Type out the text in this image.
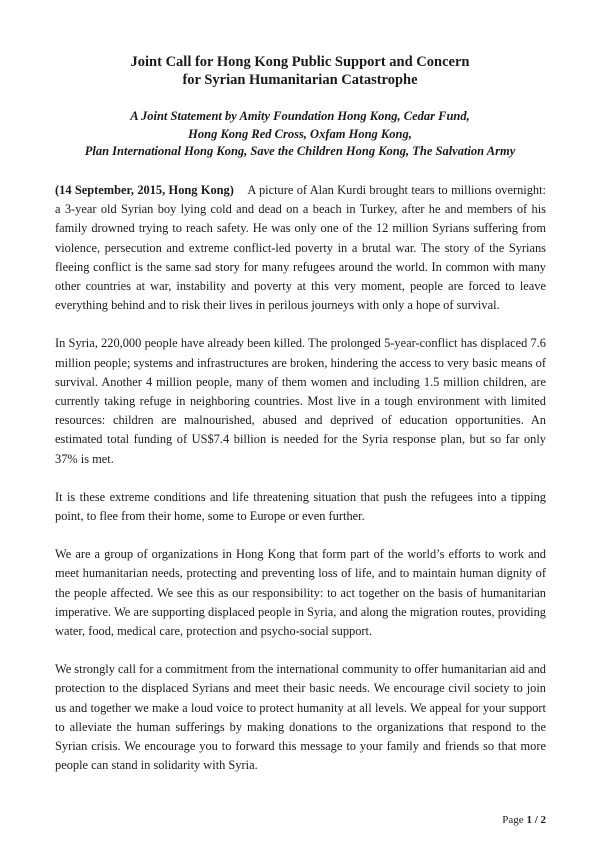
Joint Call for Hong Kong Public Support and Concern
for Syrian Humanitarian Catastrophe
A Joint Statement by Amity Foundation Hong Kong, Cedar Fund,
Hong Kong Red Cross, Oxfam Hong Kong,
Plan International Hong Kong, Save the Children Hong Kong, The Salvation Army

(14 September, 2015, Hong Kong) A picture of Alan Kurdi brought tears to millions overnight: a 3-year old Syrian boy lying cold and dead on a beach in Turkey, after he and members of his family drowned trying to reach safety. He was only one of the 12 million Syrians suffering from violence, persecution and extreme conflict-led poverty in a brutal war. The story of the Syrians fleeing conflict is the same sad story for many refugees around the world. In common with many other countries at war, instability and poverty at this very moment, people are forced to leave everything behind and to risk their lives in perilous journeys with only a hope of survival.

In Syria, 220,000 people have already been killed. The prolonged 5-year-conflict has displaced 7.6 million people; systems and infrastructures are broken, hindering the access to very basic means of survival. Another 4 million people, many of them women and including 1.5 million children, are currently taking refuge in neighboring countries. Most live in a tough environment with limited resources: children are malnourished, abused and deprived of education opportunities. An estimated total funding of US$7.4 billion is needed for the Syria response plan, but so far only 37% is met.

It is these extreme conditions and life threatening situation that push the refugees into a tipping point, to flee from their home, some to Europe or even further.

We are a group of organizations in Hong Kong that form part of the world’s efforts to work and meet humanitarian needs, protecting and preventing loss of life, and to maintain human dignity of the people affected. We see this as our responsibility: to act together on the basis of humanitarian imperative. We are supporting displaced people in Syria, and along the migration routes, providing water, food, medical care, protection and psycho-social support.

We strongly call for a commitment from the international community to offer humanitarian aid and protection to the displaced Syrians and meet their basic needs. We encourage civil society to join us and together we make a loud voice to protect humanity at all levels. We appeal for your support to alleviate the human sufferings by making donations to the organizations that respond to the Syrian crisis. We encourage you to forward this message to your family and friends so that more people can stand in solidarity with Syria.

Page 1 / 2
